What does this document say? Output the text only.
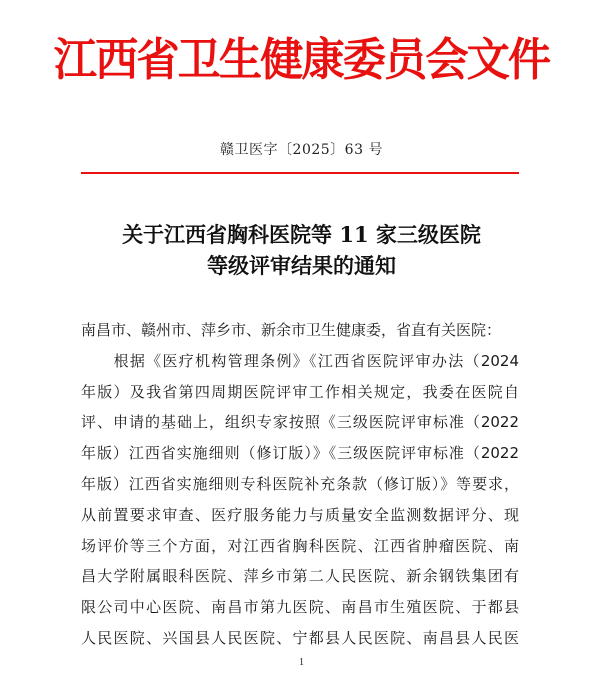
江西省卫生健康委员会文件
赣卫医字〔2025〕63 号
关于江西省胸科医院等 11 家三级医院
等级评审结果的通知
南昌市、赣州市、萍乡市、新余市卫生健康委，省直有关医院：
　　根据《医疗机构管理条例》《江西省医院评审办法（2024
年版）及我省第四周期医院评审工作相关规定，我委在医院自
评、申请的基础上，组织专家按照《三级医院评审标准（2022
年版）江西省实施细则（修订版）》《三级医院评审标准（2022
年版）江西省实施细则专科医院补充条款（修订版）》等要求，
从前置要求审查、医疗服务能力与质量安全监测数据评分、现
场评价等三个方面，对江西省胸科医院、江西省肿瘤医院、南
昌大学附属眼科医院、萍乡市第二人民医院、新余钢铁集团有
限公司中心医院、南昌市第九医院、南昌市生殖医院、于都县
人民医院、兴国县人民医院、宁都县人民医院、南昌县人民医
1
